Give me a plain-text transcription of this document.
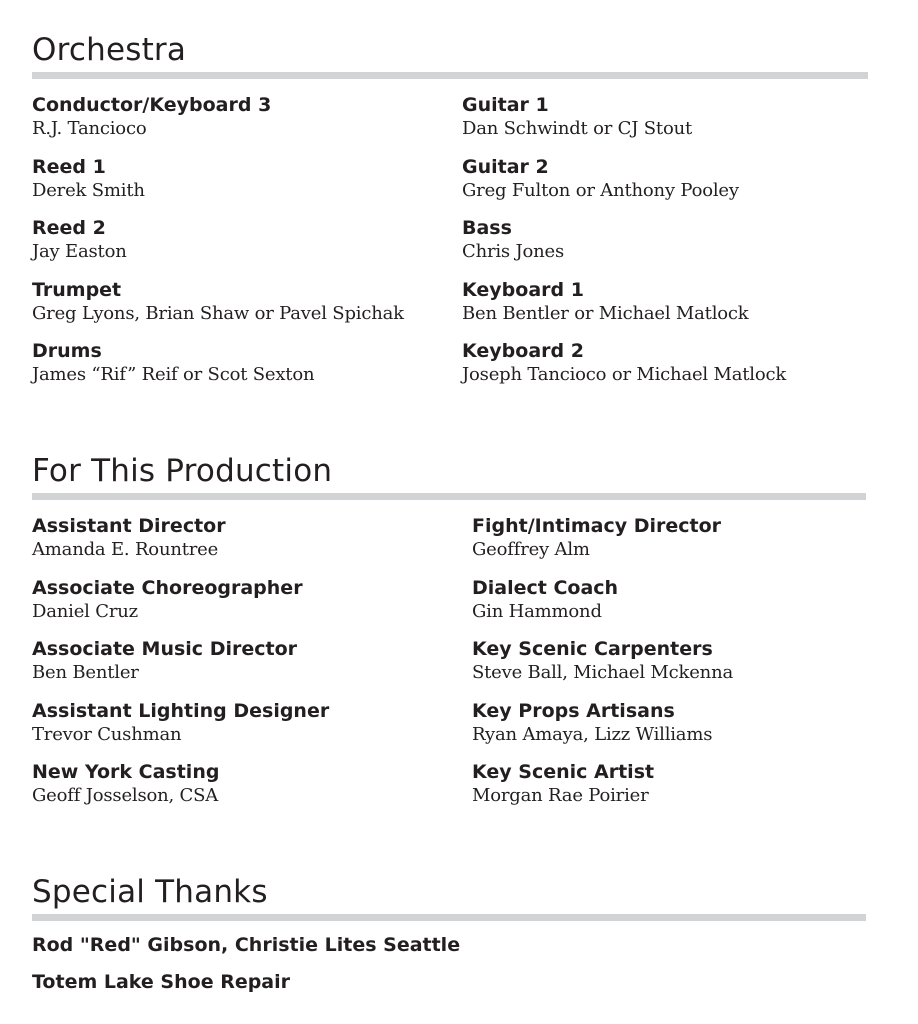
Orchestra
Conductor/Keyboard 3
R.J. Tancioco
Reed 1
Derek Smith
Reed 2
Jay Easton
Trumpet
Greg Lyons, Brian Shaw or Pavel Spichak
Drums
James “Rif” Reif or Scot Sexton
Guitar 1
Dan Schwindt or CJ Stout
Guitar 2
Greg Fulton or Anthony Pooley
Bass
Chris Jones
Keyboard 1
Ben Bentler or Michael Matlock
Keyboard 2
Joseph Tancioco or Michael Matlock
For This Production
Assistant Director
Amanda E. Rountree
Associate Choreographer
Daniel Cruz
Associate Music Director
Ben Bentler
Assistant Lighting Designer
Trevor Cushman
New York Casting
Geoff Josselson, CSA
Fight/Intimacy Director
Geoffrey Alm
Dialect Coach
Gin Hammond
Key Scenic Carpenters
Steve Ball, Michael Mckenna
Key Props Artisans
Ryan Amaya, Lizz Williams
Key Scenic Artist
Morgan Rae Poirier
Special Thanks
Rod "Red" Gibson, Christie Lites Seattle
Totem Lake Shoe Repair
